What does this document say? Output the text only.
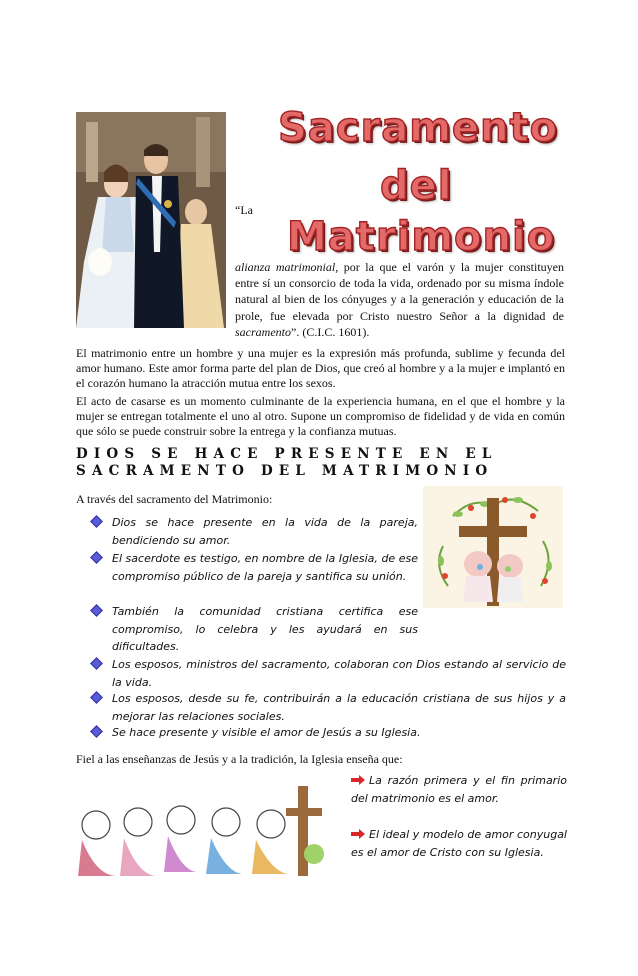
Sacramento
del
Matrimonio
“La
alianza matrimonial, por la que el varón y la mujer constituyen entre sí un consorcio de toda la vida, ordenado por su misma índole natural al bien de los cónyuges y a la generación y educación de la prole, fue elevada por Cristo nuestro Señor a la dignidad de sacramento”. (C.I.C. 1601).
El matrimonio entre un hombre y una mujer es la expresión más profunda, sublime y fecunda del amor humano. Este amor forma parte del plan de Dios, que creó al hombre y a la mujer e implantó en el corazón humano la atracción mutua entre los sexos.
El acto de casarse es un momento culminante de la experiencia humana, en el que el hombre y la mujer se entregan totalmente el uno al otro. Supone un compromiso de fidelidad y de vida en común que sólo se puede construir sobre la entrega y la confianza mutuas.
DIOS SE HACE PRESENTE EN EL SACRAMENTO DEL MATRIMONIO
A través del sacramento del Matrimonio:
Dios se hace presente en la vida de la pareja, bendiciendo su amor.
El sacerdote es testigo, en nombre de la Iglesia, de ese compromiso público de la pareja y santifica su unión.
También la comunidad cristiana certifica ese compromiso, lo celebra y les ayudará en sus dificultades.
Los esposos, ministros del sacramento, colaboran con Dios estando al servicio de la vida.
Los esposos, desde su fe, contribuirán a la educación cristiana de sus hijos y a mejorar las relaciones sociales.
Se hace presente y visible el amor de Jesús a su Iglesia.
Fiel a las enseñanzas de Jesús y a la tradición, la Iglesia enseña que:
La razón primera y el fin primario del matrimonio es el amor.
El ideal y modelo de amor conyugal es el amor de Cristo con su Iglesia.
